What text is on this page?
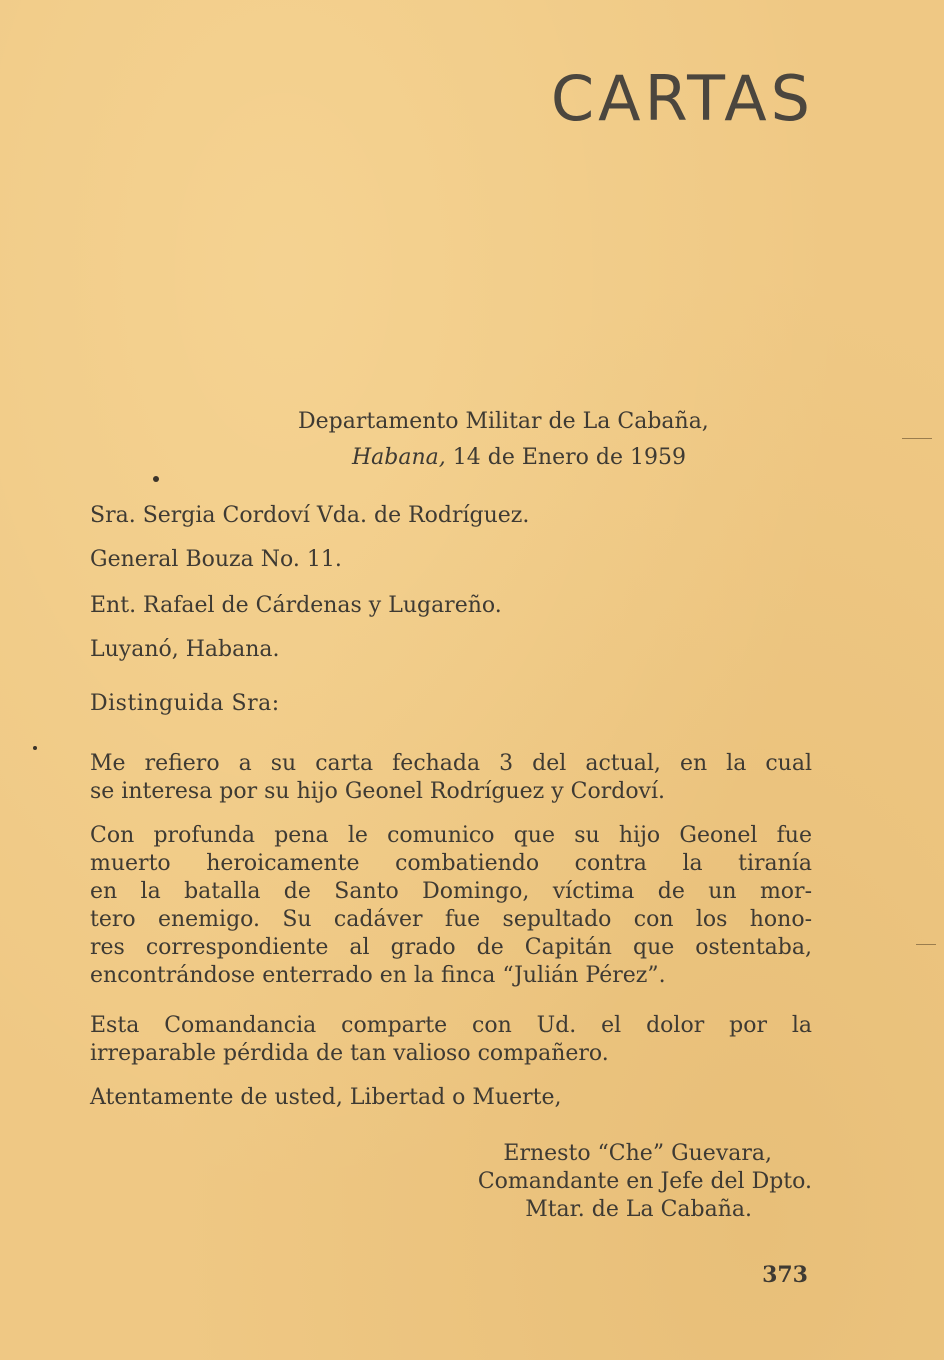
CARTAS
Departamento Militar de La Cabaña,
Habana, 14 de Enero de 1959
Sra. Sergia Cordoví Vda. de Rodríguez.
General Bouza No. 11.
Ent. Rafael de Cárdenas y Lugareño.
Luyanó, Habana.
Distinguida Sra:
Me refiero a su carta fechada 3 del actual, en la cual
se interesa por su hijo Geonel Rodríguez y Cordoví.
Con profunda pena le comunico que su hijo Geonel fue
muerto heroicamente combatiendo contra la tiranía
en la batalla de Santo Domingo, víctima de un mor-
tero enemigo. Su cadáver fue sepultado con los hono-
res correspondiente al grado de Capitán que ostentaba,
encontrándose enterrado en la finca “Julián Pérez”.
Esta Comandancia comparte con Ud. el dolor por la
irreparable pérdida de tan valioso compañero.
Atentamente de usted, Libertad o Muerte,
Ernesto “Che” Guevara,
Comandante en Jefe del Dpto.
Mtar. de La Cabaña.
373
